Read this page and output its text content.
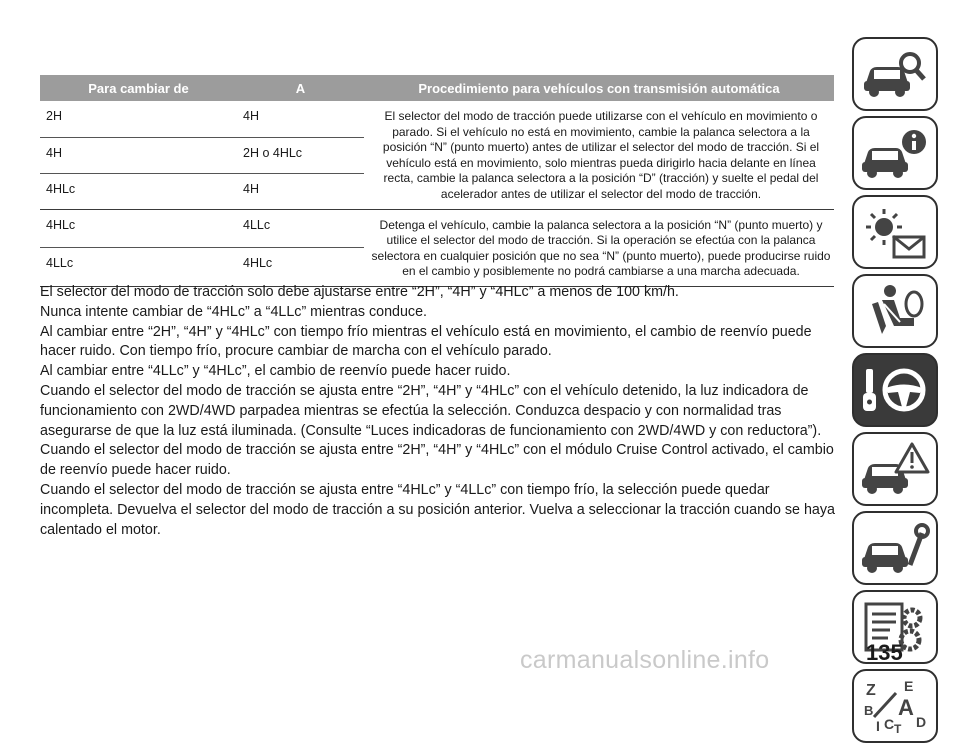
Para cambiar de	A	Procedimiento para vehículos con transmisión automática
2H	4H	El selector del modo de tracción puede utilizarse con el vehículo en movimiento o parado. Si el vehículo no está en movimiento, cambie la palanca selectora a la posición “N” (punto muerto) antes de utilizar el selector del modo de tracción. Si el vehículo está en movimiento, solo mientras pueda dirigirlo hacia delante en línea recta, cambie la palanca selectora a la posición “D” (tracción) y suelte el pedal del acelerador antes de utilizar el selector del modo de tracción.
4H	2H o 4HLc	
4HLc	4H	
4HLc	4LLc	Detenga el vehículo, cambie la palanca selectora a la posición “N” (punto muerto) y utilice el selector del modo de tracción. Si la operación se efectúa con la palanca selectora en cualquier posición que no sea “N” (punto muerto), puede producirse ruido en el cambio y posiblemente no podrá cambiarse a una marcha adecuada.
4LLc	4HLc	

El selector del modo de tracción solo debe ajustarse entre “2H”, “4H” y “4HLc” a menos de 100 km/h.

Nunca intente cambiar de “4HLc” a “4LLc” mientras conduce.

Al cambiar entre “2H”, “4H” y “4HLc” con tiempo frío mientras el vehículo está en movimiento, el cambio de reenvío puede hacer ruido. Con tiempo frío, procure cambiar de marcha con el vehículo parado.

Al cambiar entre “4LLc” y “4HLc”, el cambio de reenvío puede hacer ruido.

Cuando el selector del modo de tracción se ajusta entre “2H”, “4H” y “4HLc” con el vehículo detenido, la luz indicadora de funcionamiento con 2WD/4WD parpadea mientras se efectúa la selección. Conduzca despacio y con normalidad tras asegurarse de que la luz está iluminada. (Consulte “Luces indicadoras de funcionamiento con 2WD/4WD y con reductora”).

Cuando el selector del modo de tracción se ajusta entre “2H”, “4H” y “4HLc” con el módulo Cruise Control activado, el cambio de reenvío puede hacer ruido.

Cuando el selector del modo de tracción se ajusta entre “4HLc” y “4LLc” con tiempo frío, la selección puede quedar incompleta. Devuelva el selector del modo de tracción a su posición anterior. Vuelva a seleccionar la tracción cuando se haya calentado el motor.

Z E
B A
I C T D
135
carmanualsonline.info
